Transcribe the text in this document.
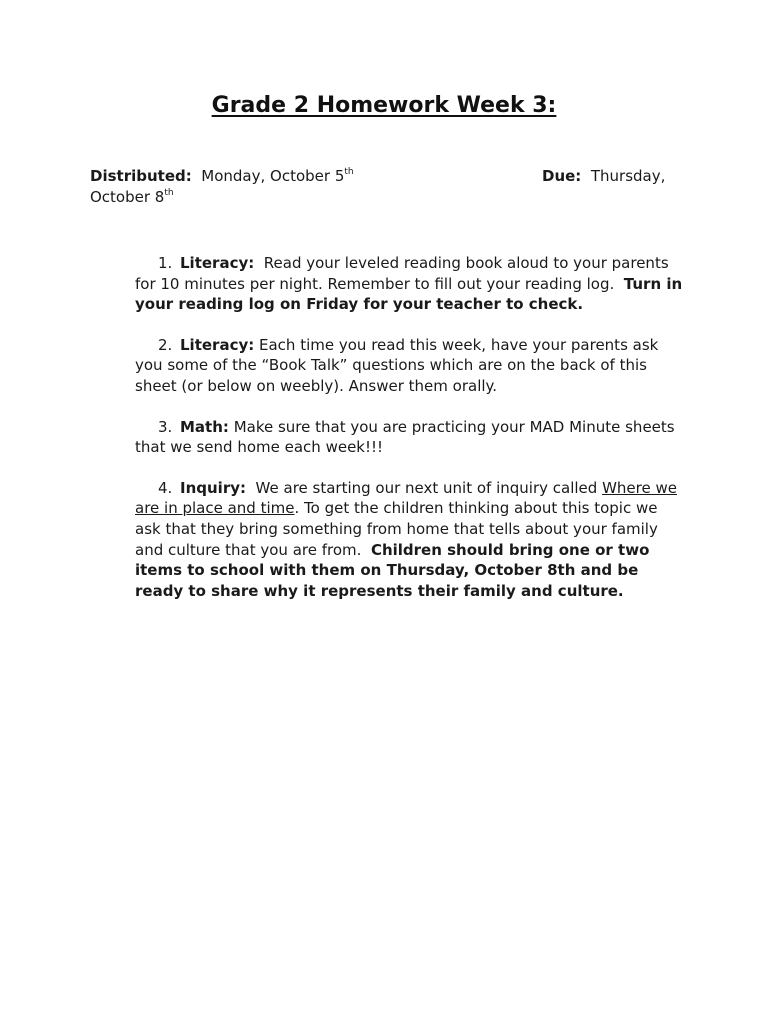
Grade 2 Homework Week 3:
Distributed: Monday, October 5th	Due: Thursday,
October 8th

1. Literacy: Read your leveled reading book aloud to your parents for 10 minutes per night. Remember to fill out your reading log. Turn in your reading log on Friday for your teacher to check.

2. Literacy: Each time you read this week, have your parents ask you some of the “Book Talk” questions which are on the back of this sheet (or below on weebly). Answer them orally.

3. Math: Make sure that you are practicing your MAD Minute sheets that we send home each week!!!

4. Inquiry: We are starting our next unit of inquiry called Where we are in place and time. To get the children thinking about this topic we ask that they bring something from home that tells about your family and culture that you are from. Children should bring one or two items to school with them on Thursday, October 8th and be ready to share why it represents their family and culture.
